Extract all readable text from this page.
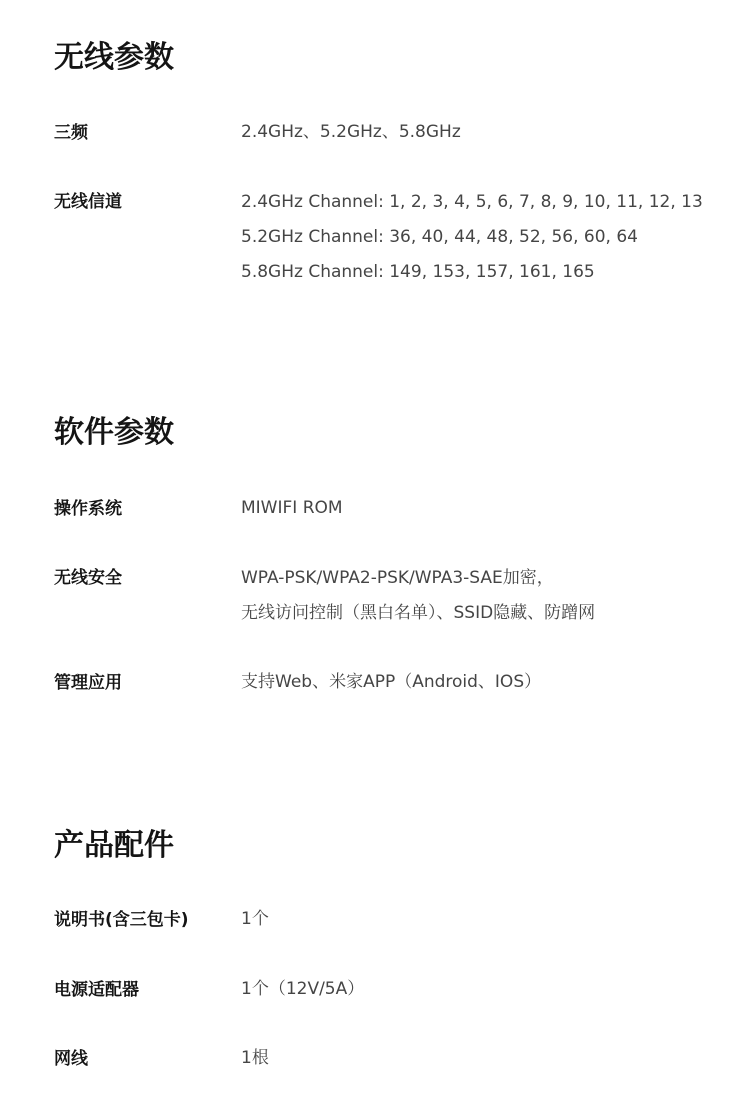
无线参数
三频	2.4GHz、5.2GHz、5.8GHz
无线信道	2.4GHz Channel: 1, 2, 3, 4, 5, 6, 7, 8, 9, 10, 11, 12, 13
5.2GHz Channel: 36, 40, 44, 48, 52, 56, 60, 64
5.8GHz Channel: 149, 153, 157, 161, 165
软件参数
操作系统	MIWIFI ROM
无线安全	WPA-PSK/WPA2-PSK/WPA3-SAE加密，
无线访问控制（黑白名单）、SSID隐藏、防蹭网
管理应用	支持Web、米家APP（Android、IOS）
产品配件
说明书(含三包卡)	1个
电源适配器	1个（12V/5A）
网线	1根
